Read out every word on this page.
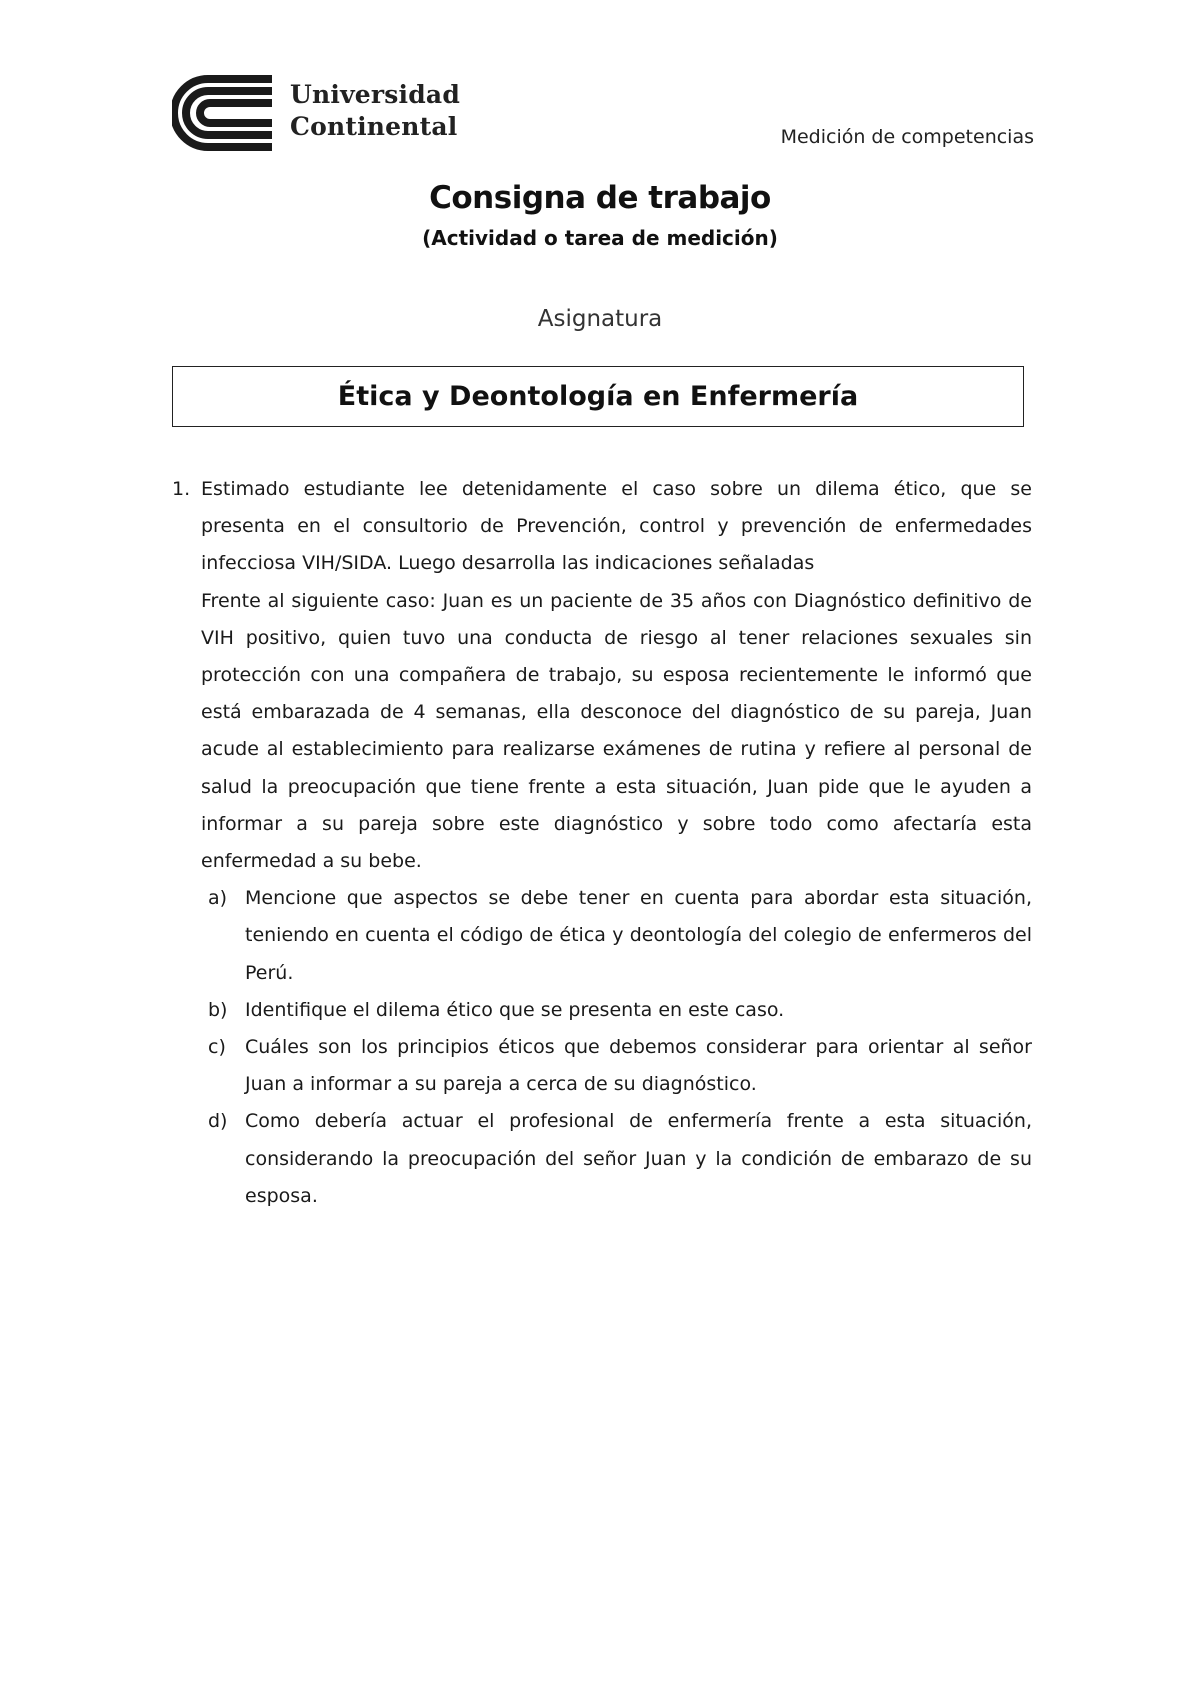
Universidad
Continental	Medición de competencias
Consigna de trabajo
(Actividad o tarea de medición)
Asignatura
Ética y Deontología en Enfermería
1. Estimado estudiante lee detenidamente el caso sobre un dilema ético, que se presenta en el consultorio de Prevención, control y prevención de enfermedades infecciosa VIH/SIDA. Luego desarrolla las indicaciones señaladas

Frente al siguiente caso: Juan es un paciente de 35 años con Diagnóstico definitivo de VIH positivo, quien tuvo una conducta de riesgo al tener relaciones sexuales sin protección con una compañera de trabajo, su esposa recientemente le informó que está embarazada de 4 semanas, ella desconoce del diagnóstico de su pareja, Juan acude al establecimiento para realizarse exámenes de rutina y refiere al personal de salud la preocupación que tiene frente a esta situación, Juan pide que le ayuden a informar a su pareja sobre este diagnóstico y sobre todo como afectaría esta enfermedad a su bebe.

a) Mencione que aspectos se debe tener en cuenta para abordar esta situación, teniendo en cuenta el código de ética y deontología del colegio de enfermeros del Perú.
b) Identifique el dilema ético que se presenta en este caso.
c)	Cuáles son los principios éticos que debemos considerar para orientar al señor Juan a informar a su pareja a cerca de su diagnóstico.
d) Como debería actuar el profesional de enfermería frente a esta situación, considerando la preocupación del señor Juan y la condición de embarazo de su esposa.
